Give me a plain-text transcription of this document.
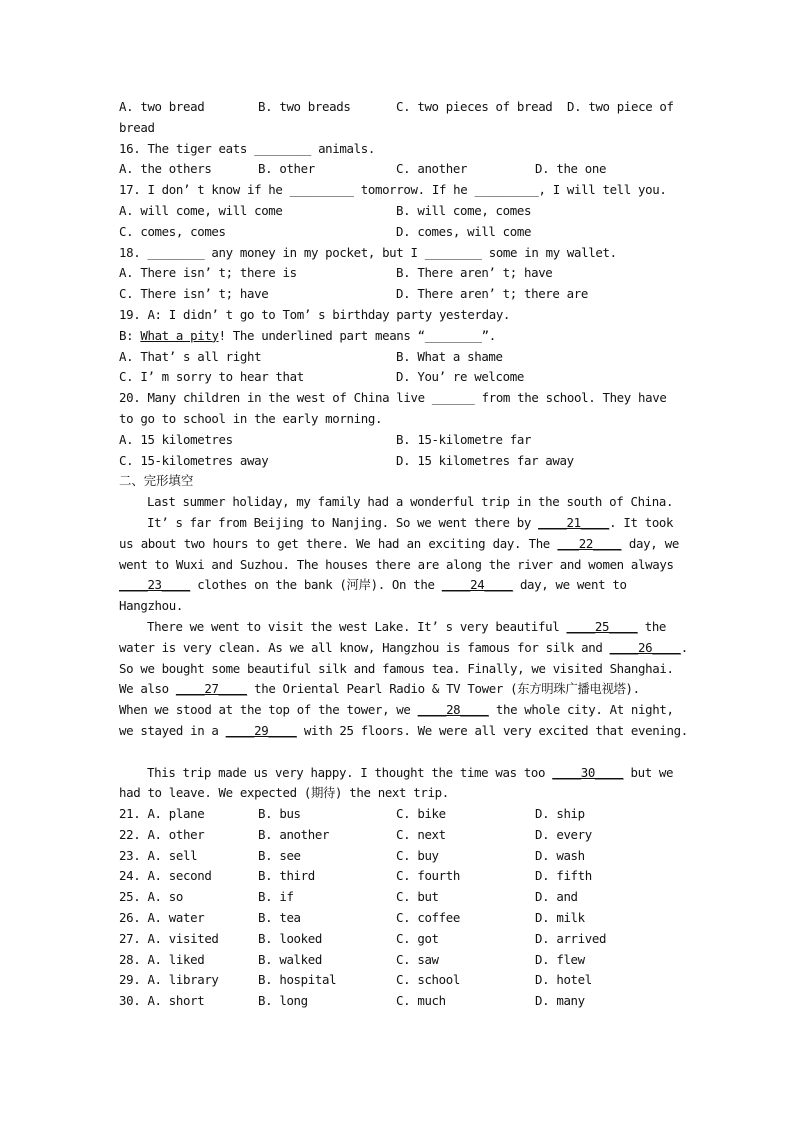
A. two bread

	B. two breads

	C. two pieces of bread

D. two piece of

bread
16. The tiger eats ________ animals.

A. the others

	B. other

	C. another

	D. the one

17. I don’ t know if he _________ tomorrow. If he _________, I will tell you.

A. will come, will come

	B. will come, comes

C. comes, comes

	D. comes, will come

18. ________ any money in my pocket, but I ________ some in my wallet.

A. There isn’ t; there is

	B. There aren’ t; have

C. There isn’ t; have

	D. There aren’ t; there are

19. A: I didn’ t go to Tom’ s birthday party yesterday.
B: What a pity! The underlined part means “________”.

A. That’ s all right

	B. What a shame

C. I’ m sorry to hear that

	D. You’ re welcome

20. Many children in the west of China live ______ from the school. They have
to go to school in the early morning.

A. 15 kilometres

	B. 15-kilometre far

C. 15-kilometres away

	D. 15 kilometres far away

二、完形填空
Last summer holiday, my family had a wonderful trip in the south of China.
It’ s far from Beijing to Nanjing. So we went there by ____21____. It took
us about two hours to get there. We had an exciting day. The ___22____ day, we
went to Wuxi and Suzhou. The houses there are along the river and women always
____23____ clothes on the bank (河岸). On the ____24____ day, we went to
Hangzhou.
There we went to visit the west Lake. It’ s very beautiful ____25____ the
water is very clean. As we all know, Hangzhou is famous for silk and ____26____.
So we bought some beautiful silk and famous tea. Finally, we visited Shanghai.
We also ____27____ the Oriental Pearl Radio & TV Tower (东方明珠广播电视塔).
When we stood at the top of the tower, we ____28____ the whole city. At night,
we stayed in a ____29____ with 25 floors. We were all very excited that evening.
This trip made us very happy. I thought the time was too ____30____ but we
had to leave. We expected (期待) the next trip.
21. A. plane	B. bus	C. bike	D. ship
22. A. other	B. another	C. next	D. every
23. A. sell	B. see	C. buy	D. wash
24. A. second	B. third	C. fourth	D. fifth
25. A. so	B. if	C. but	D. and
26. A. water	B. tea	C. coffee	D. milk
27. A. visited	B. looked	C. got	D. arrived
28. A. liked	B. walked	C. saw	D. flew
29. A. library	B. hospital	C. school	D. hotel
30. A. short	B. long	C. much	D. many
